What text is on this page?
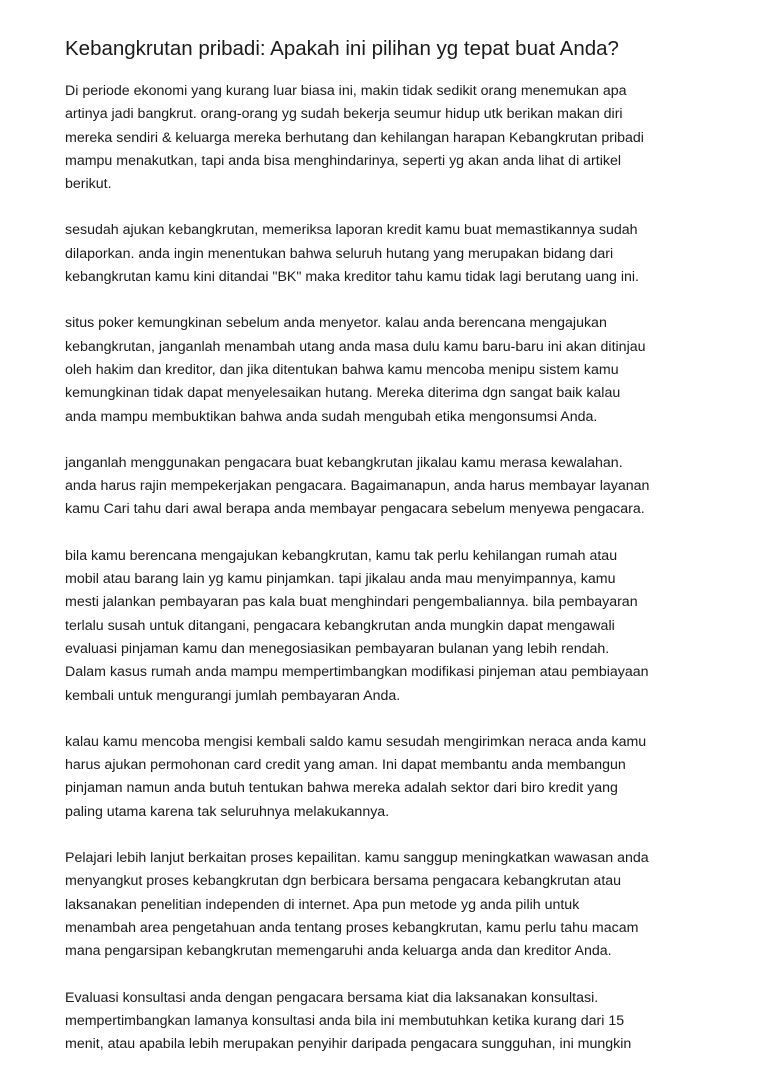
Kebangkrutan pribadi: Apakah ini pilihan yg tepat buat Anda?
Di periode ekonomi yang kurang luar biasa ini, makin tidak sedikit orang menemukan apa
artinya jadi bangkrut. orang-orang yg sudah bekerja seumur hidup utk berikan makan diri
mereka sendiri & keluarga mereka berhutang dan kehilangan harapan Kebangkrutan pribadi
mampu menakutkan, tapi anda bisa menghindarinya, seperti yg akan anda lihat di artikel
berikut.
sesudah ajukan kebangkrutan, memeriksa laporan kredit kamu buat memastikannya sudah
dilaporkan. anda ingin menentukan bahwa seluruh hutang yang merupakan bidang dari
kebangkrutan kamu kini ditandai "BK" maka kreditor tahu kamu tidak lagi berutang uang ini.
situs poker kemungkinan sebelum anda menyetor. kalau anda berencana mengajukan
kebangkrutan, janganlah menambah utang anda masa dulu kamu baru-baru ini akan ditinjau
oleh hakim dan kreditor, dan jika ditentukan bahwa kamu mencoba menipu sistem kamu
kemungkinan tidak dapat menyelesaikan hutang. Mereka diterima dgn sangat baik kalau
anda mampu membuktikan bahwa anda sudah mengubah etika mengonsumsi Anda.
janganlah menggunakan pengacara buat kebangkrutan jikalau kamu merasa kewalahan.
anda harus rajin mempekerjakan pengacara. Bagaimanapun, anda harus membayar layanan
kamu Cari tahu dari awal berapa anda membayar pengacara sebelum menyewa pengacara.
bila kamu berencana mengajukan kebangkrutan, kamu tak perlu kehilangan rumah atau
mobil atau barang lain yg kamu pinjamkan. tapi jikalau anda mau menyimpannya, kamu
mesti jalankan pembayaran pas kala buat menghindari pengembaliannya. bila pembayaran
terlalu susah untuk ditangani, pengacara kebangkrutan anda mungkin dapat mengawali
evaluasi pinjaman kamu dan menegosiasikan pembayaran bulanan yang lebih rendah.
Dalam kasus rumah anda mampu mempertimbangkan modifikasi pinjeman atau pembiayaan
kembali untuk mengurangi jumlah pembayaran Anda.
kalau kamu mencoba mengisi kembali saldo kamu sesudah mengirimkan neraca anda kamu
harus ajukan permohonan card credit yang aman. Ini dapat membantu anda membangun
pinjaman namun anda butuh tentukan bahwa mereka adalah sektor dari biro kredit yang
paling utama karena tak seluruhnya melakukannya.
Pelajari lebih lanjut berkaitan proses kepailitan. kamu sanggup meningkatkan wawasan anda
menyangkut proses kebangkrutan dgn berbicara bersama pengacara kebangkrutan atau
laksanakan penelitian independen di internet. Apa pun metode yg anda pilih untuk
menambah area pengetahuan anda tentang proses kebangkrutan, kamu perlu tahu macam
mana pengarsipan kebangkrutan memengaruhi anda keluarga anda dan kreditor Anda.
Evaluasi konsultasi anda dengan pengacara bersama kiat dia laksanakan konsultasi.
mempertimbangkan lamanya konsultasi anda bila ini membutuhkan ketika kurang dari 15
menit, atau apabila lebih merupakan penyihir daripada pengacara sungguhan, ini mungkin
